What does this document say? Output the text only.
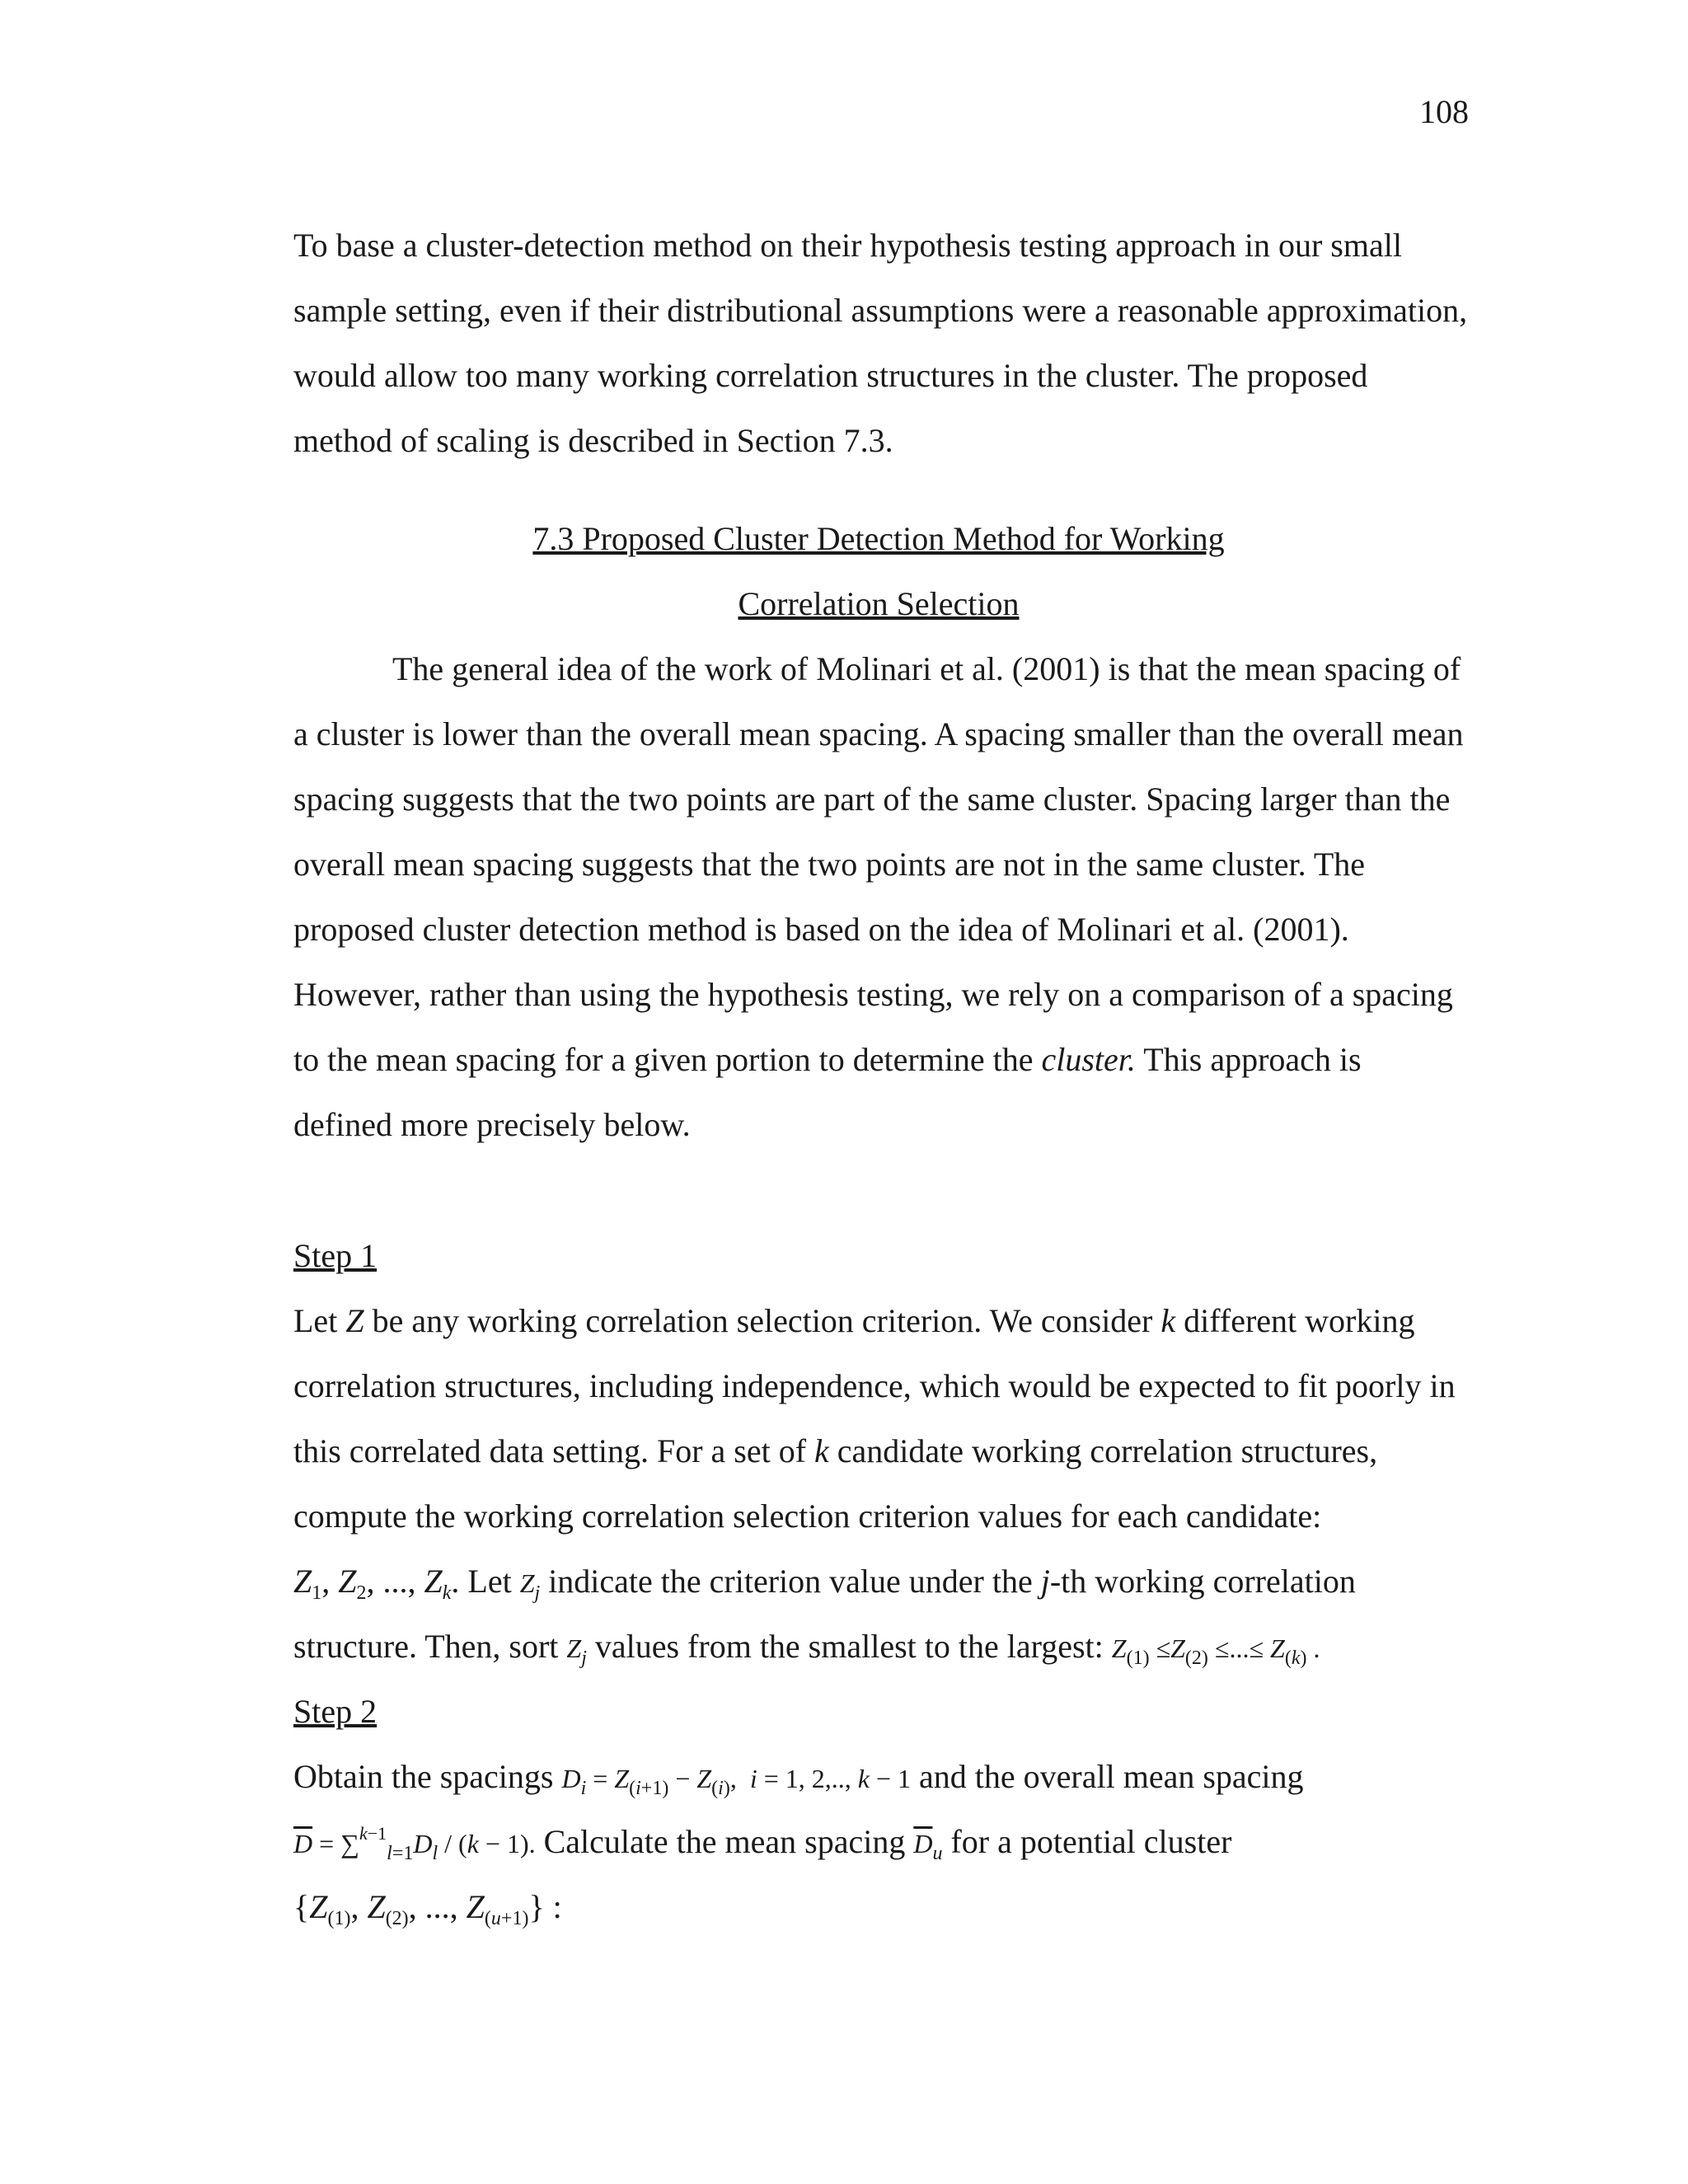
108
To base a cluster-detection method on their hypothesis testing approach in our small
sample setting, even if their distributional assumptions were a reasonable approximation,
would allow too many working correlation structures in the cluster. The proposed
method of scaling is described in Section 7.3.
7.3 Proposed Cluster Detection Method for Working
Correlation Selection
The general idea of the work of Molinari et al. (2001) is that the mean spacing of
a cluster is lower than the overall mean spacing. A spacing smaller than the overall mean
spacing suggests that the two points are part of the same cluster. Spacing larger than the
overall mean spacing suggests that the two points are not in the same cluster. The
proposed cluster detection method is based on the idea of Molinari et al. (2001).
However, rather than using the hypothesis testing, we rely on a comparison of a spacing
to the mean spacing for a given portion to determine the cluster. This approach is
defined more precisely below.
Step 1
Let Z be any working correlation selection criterion. We consider k different working
correlation structures, including independence, which would be expected to fit poorly in
this correlated data setting. For a set of k candidate working correlation structures,
compute the working correlation selection criterion values for each candidate:
$Z_1$, $Z_2$, ..., $Z_k$. Let $Z_j$ indicate the criterion value under the j-th working correlation
structure. Then, sort $Z_j$ values from the smallest to the largest: $Z_{(1)} \le Z_{(2)}$ ≤...≤ $Z_{(k)}$ .
Step 2
Obtain the spacings $D_i = Z_{(i+1)} - Z_{(i)}$,  i = 1, 2,.., k − 1 and the overall mean spacing
$\overline{D} = \sum^{k-1}_{l=1}D_l / (k - 1)$. Calculate the mean spacing $\overline{D}_u$ for a potential cluster
{$Z_{(1)}$, $Z_{(2)}$, ..., $Z_{(u+1)}$} :
